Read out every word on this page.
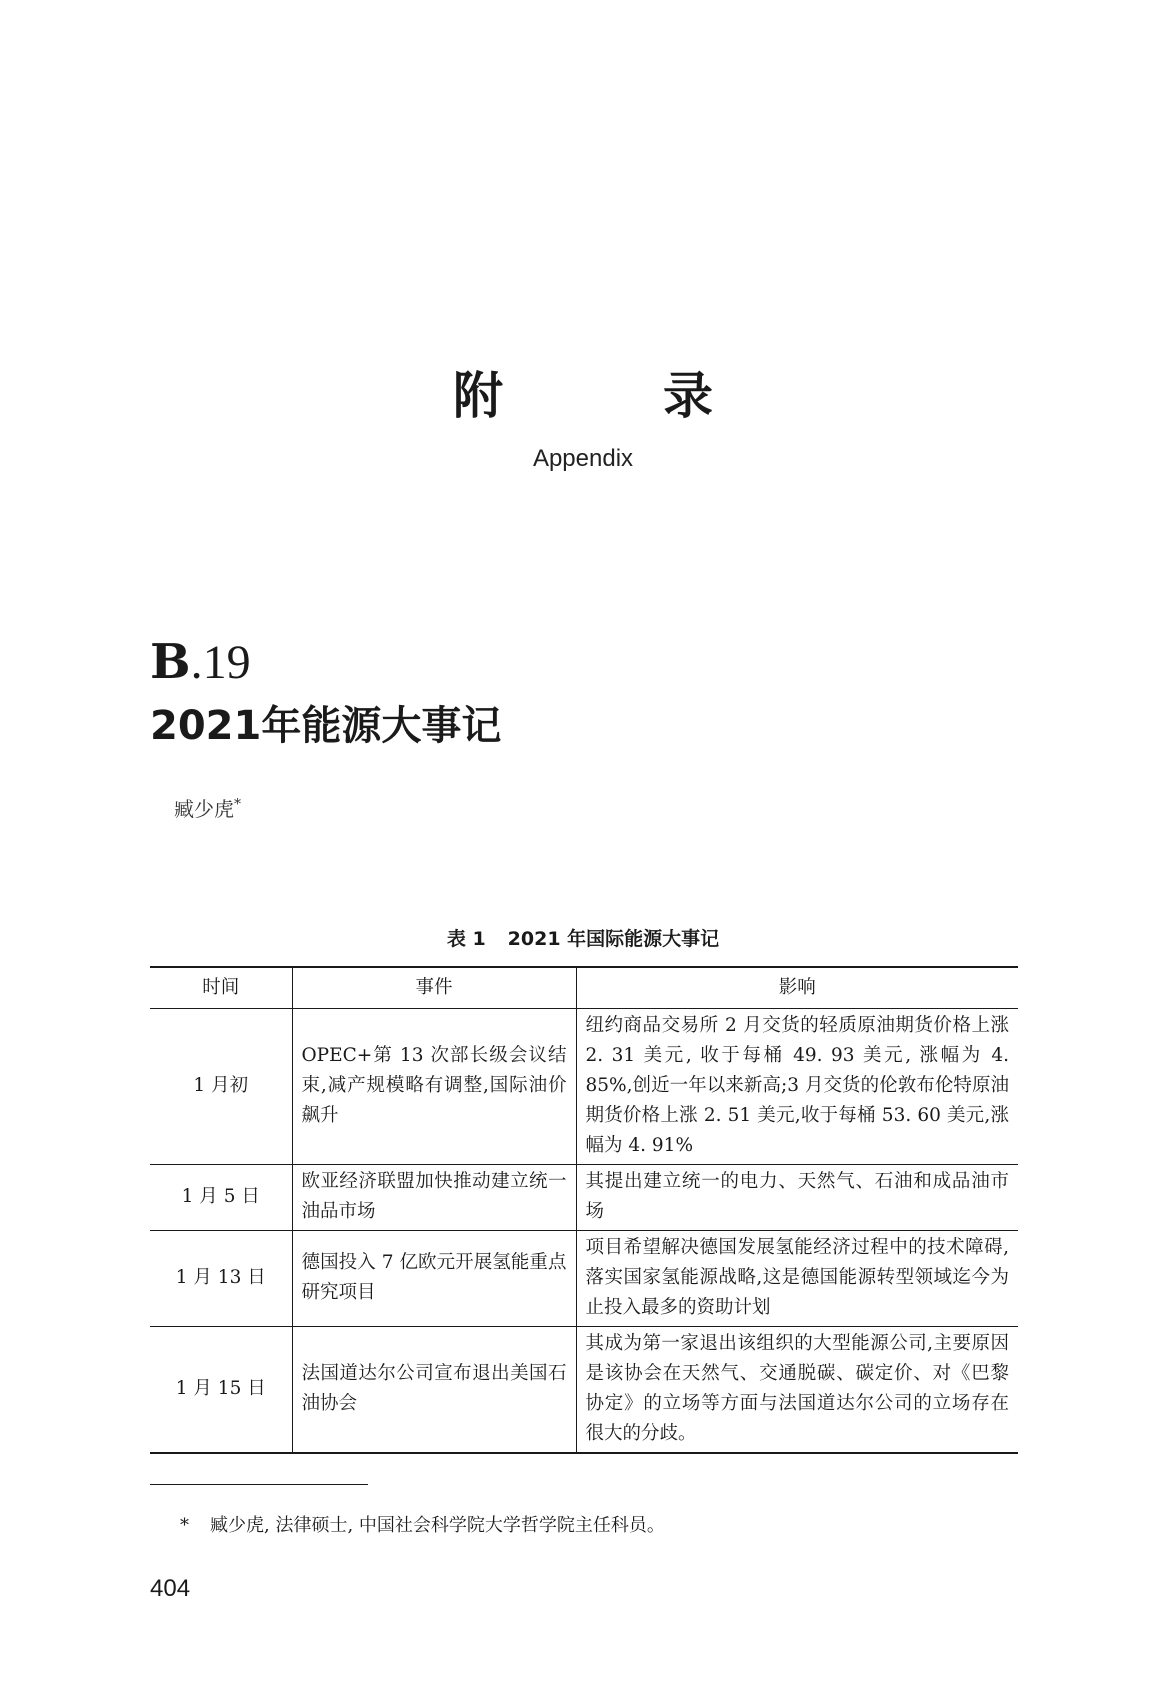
附	录
Appendix
B.19
2021年能源大事记
臧少虎*
表 1 2021 年国际能源大事记
时间	事件	影响
1 月初	OPEC+第 13 次部长级会议结束,减产规模略有调整,国际油价飙升	纽约商品交易所 2 月交货的轻质原油期货价格上涨 2. 31 美元, 收于每桶 49. 93 美元, 涨幅为 4. 85%,创近一年以来新高;3 月交货的伦敦布伦特原油期货价格上涨 2. 51 美元,收于每桶 53. 60 美元,涨幅为 4. 91%
1 月 5 日	欧亚经济联盟加快推动建立统一油品市场	其提出建立统一的电力、天然气、石油和成品油市场
1 月 13 日	德国投入 7 亿欧元开展氢能重点研究项目	项目希望解决德国发展氢能经济过程中的技术障碍,落实国家氢能源战略,这是德国能源转型领域迄今为止投入最多的资助计划
1 月 15 日	法国道达尔公司宣布退出美国石油协会	其成为第一家退出该组织的大型能源公司,主要原因是该协会在天然气、交通脱碳、碳定价、对《巴黎协定》的立场等方面与法国道达尔公司的立场存在很大的分歧。
* 臧少虎, 法律硕士, 中国社会科学院大学哲学院主任科员。
404
